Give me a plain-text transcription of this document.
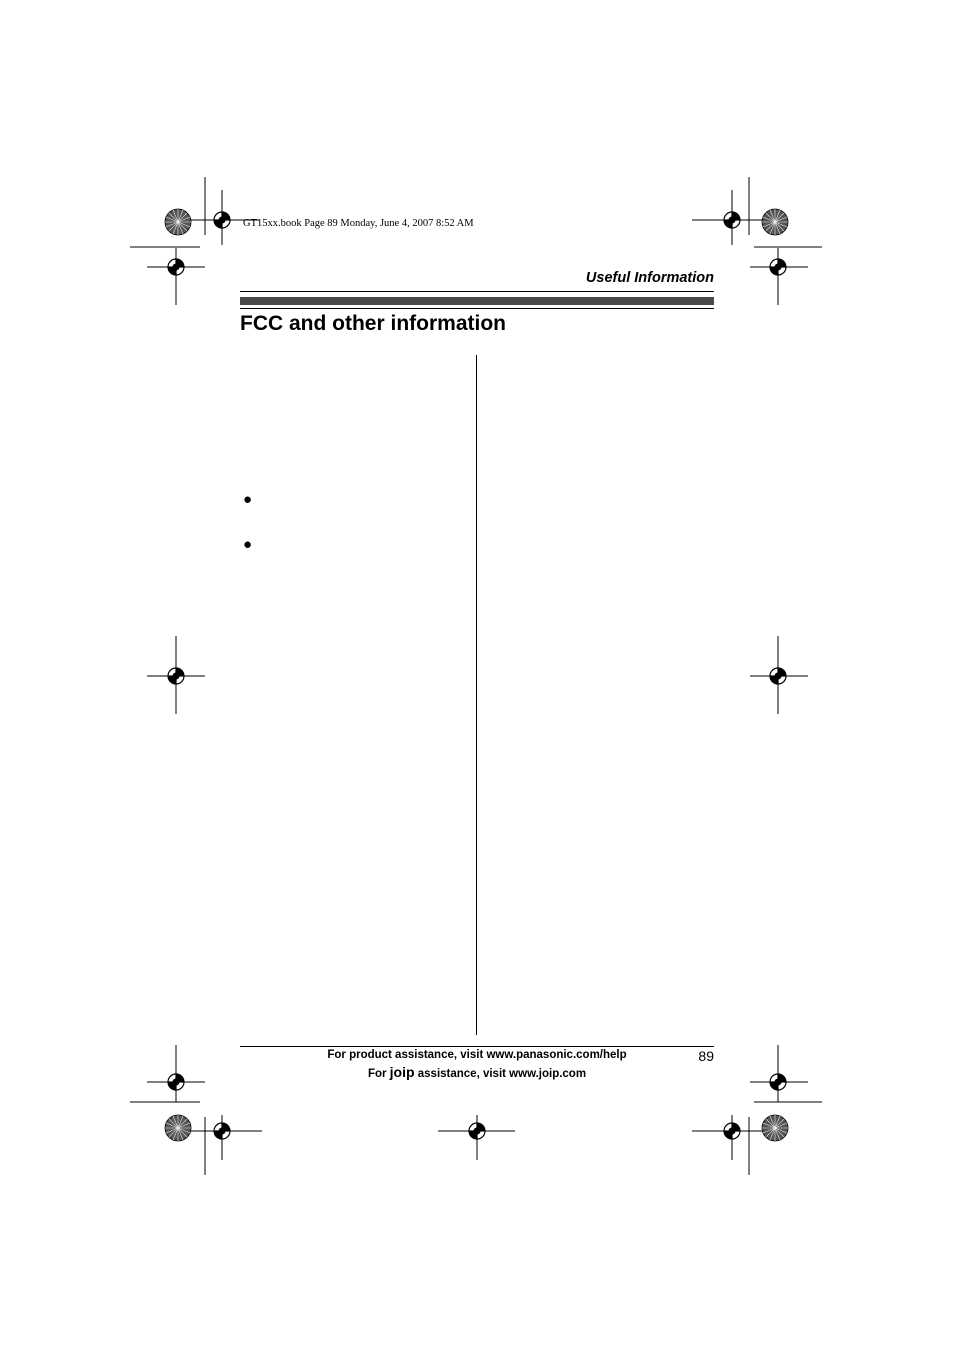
GT15xx.book Page 89 Monday, June 4, 2007 8:52 AM
Useful Information
FCC and other information
●
●
For product assistance, visit www.panasonic.com/help
For joip assistance, visit www.joip.com
89
